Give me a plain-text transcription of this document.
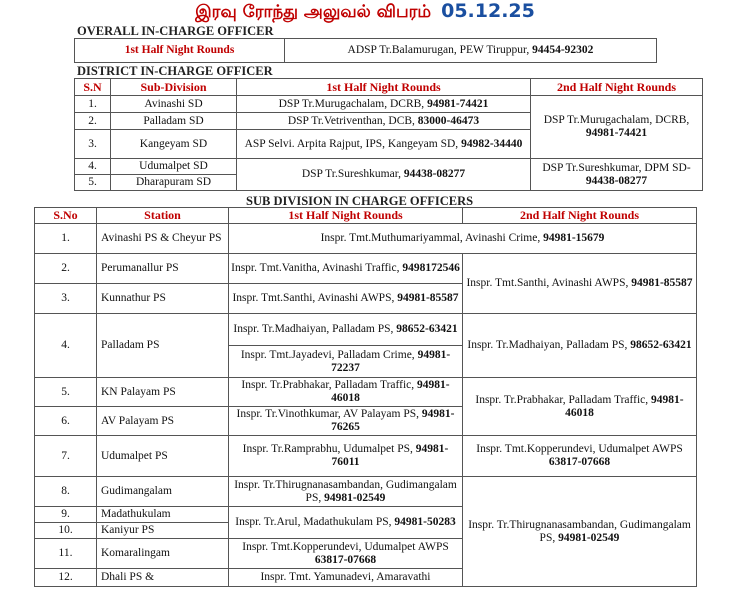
இரவு ரோந்து அலுவல் விபரம் 05.12.25
OVERALL IN-CHARGE OFFICER
1st Half Night Rounds	ADSP Tr.Balamurugan, PEW Tiruppur, 94454-92302
DISTRICT IN-CHARGE OFFICER
S.N	Sub-Division	1st Half Night Rounds	2nd Half Night Rounds
1.	Avinashi SD	DSP Tr.Murugachalam, DCRB, 94981-74421	DSP Tr.Murugachalam, DCRB, 94981-74421
2.	Palladam SD	DSP Tr.Vetriventhan, DCB, 83000-46473	
3.	Kangeyam SD	ASP Selvi. Arpita Rajput, IPS, Kangeyam SD, 94982-34440	
4.	Udumalpet SD	DSP Tr.Sureshkumar, 94438-08277	DSP Tr.Sureshkumar, DPM SD- 94438-08277
5.	Dharapuram SD		
SUB DIVISION IN CHARGE OFFICERS
S.No	Station	1st Half Night Rounds	2nd Half Night Rounds
1.	Avinashi PS & Cheyur PS	Inspr. Tmt.Muthumariyammal, Avinashi Crime, 94981-15679	
2.	Perumanallur PS	Inspr. Tmt.Vanitha, Avinashi Traffic, 9498172546	Inspr. Tmt.Santhi, Avinashi AWPS, 94981-85587
3.	Kunnathur PS	Inspr. Tmt.Santhi, Avinashi AWPS, 94981-85587	
4.	Palladam PS	Inspr. Tr.Madhaiyan, Palladam PS, 98652-63421	Inspr. Tr.Madhaiyan, Palladam PS, 98652-63421
		Inspr. Tmt.Jayadevi, Palladam Crime, 94981-72237	
5.	KN Palayam PS	Inspr. Tr.Prabhakar, Palladam Traffic, 94981-46018	Inspr. Tr.Prabhakar, Palladam Traffic, 94981-46018
6.	AV Palayam PS	Inspr. Tr.Vinothkumar, AV Palayam PS, 94981-76265	
7.	Udumalpet PS	Inspr. Tr.Ramprabhu, Udumalpet PS, 94981-76011	Inspr. Tmt.Kopperundevi, Udumalpet AWPS 63817-07668
8.	Gudimangalam	Inspr. Tr.Thirugnanasambandan, Gudimangalam PS, 94981-02549	Inspr. Tr.Thirugnanasambandan, Gudimangalam PS, 94981-02549
9.	Madathukulam	Inspr. Tr.Arul, Madathukulam PS, 94981-50283	
10.	Kaniyur PS		
11.	Komaralingam	Inspr. Tmt.Kopperundevi, Udumalpet AWPS 63817-07668	
12.	Dhali PS &	Inspr. Tmt. Yamunadevi, Amaravathi	
